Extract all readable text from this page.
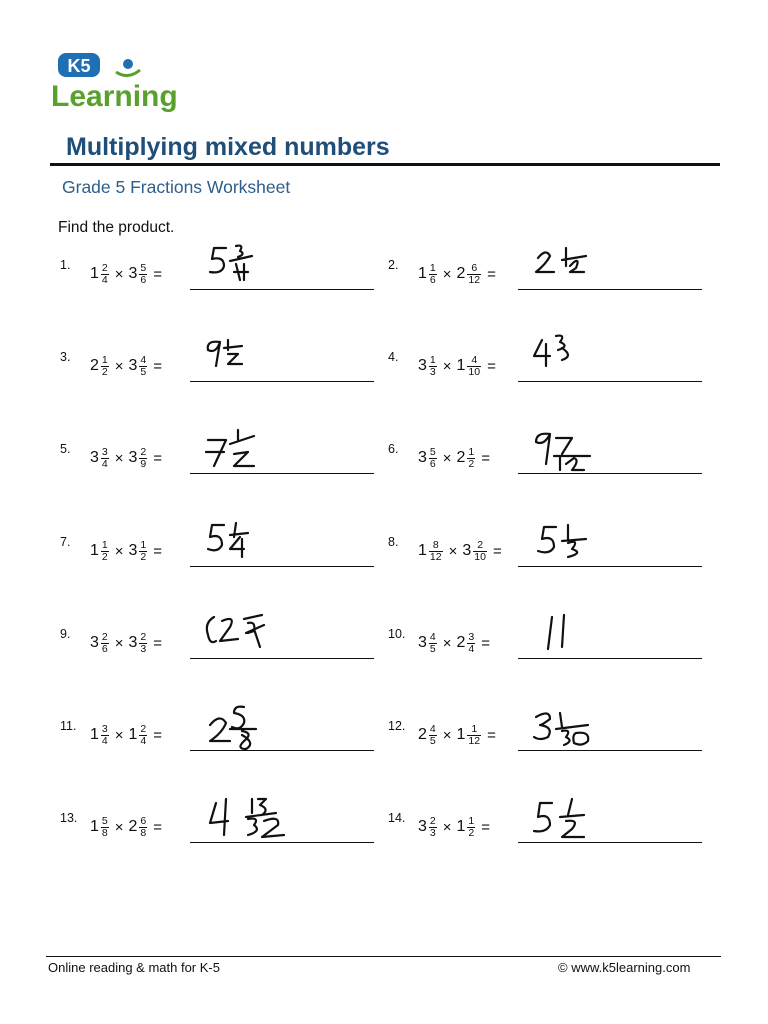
K5
Learning
Multiplying mixed numbers
Grade 5 Fractions Worksheet
Find the product.
1. $1 \frac{2}{4} \times 3 \frac{5}{6}$ =
2. $1 \frac{1}{6} \times 2 \frac{6}{12}$ =
3. $2 \frac{1}{2} \times 3 \frac{4}{5}$ =
4. $3 \frac{1}{3} \times 1 \frac{4}{10}$ =
5. $3 \frac{3}{4} \times 3 \frac{2}{9}$ =
6. $3 \frac{5}{6} \times 2 \frac{1}{2}$ =
7. $1 \frac{1}{2} \times 3 \frac{1}{2}$ =
8. $1 \frac{8}{12} \times 3 \frac{2}{10}$ =
9. $3 \frac{2}{6} \times 3 \frac{2}{3}$ =
10. $3 \frac{4}{5} \times 2 \frac{3}{4}$ =
11. $1 \frac{3}{4} \times 1 \frac{2}{4}$ =
12. $2 \frac{4}{5} \times 1 \frac{1}{12}$ =
13. $1 \frac{5}{8} \times 2 \frac{6}{8}$ =
14. $3 \frac{2}{3} \times 1 \frac{1}{2}$ =
Online reading & math for K-5	© www.k5learning.com
